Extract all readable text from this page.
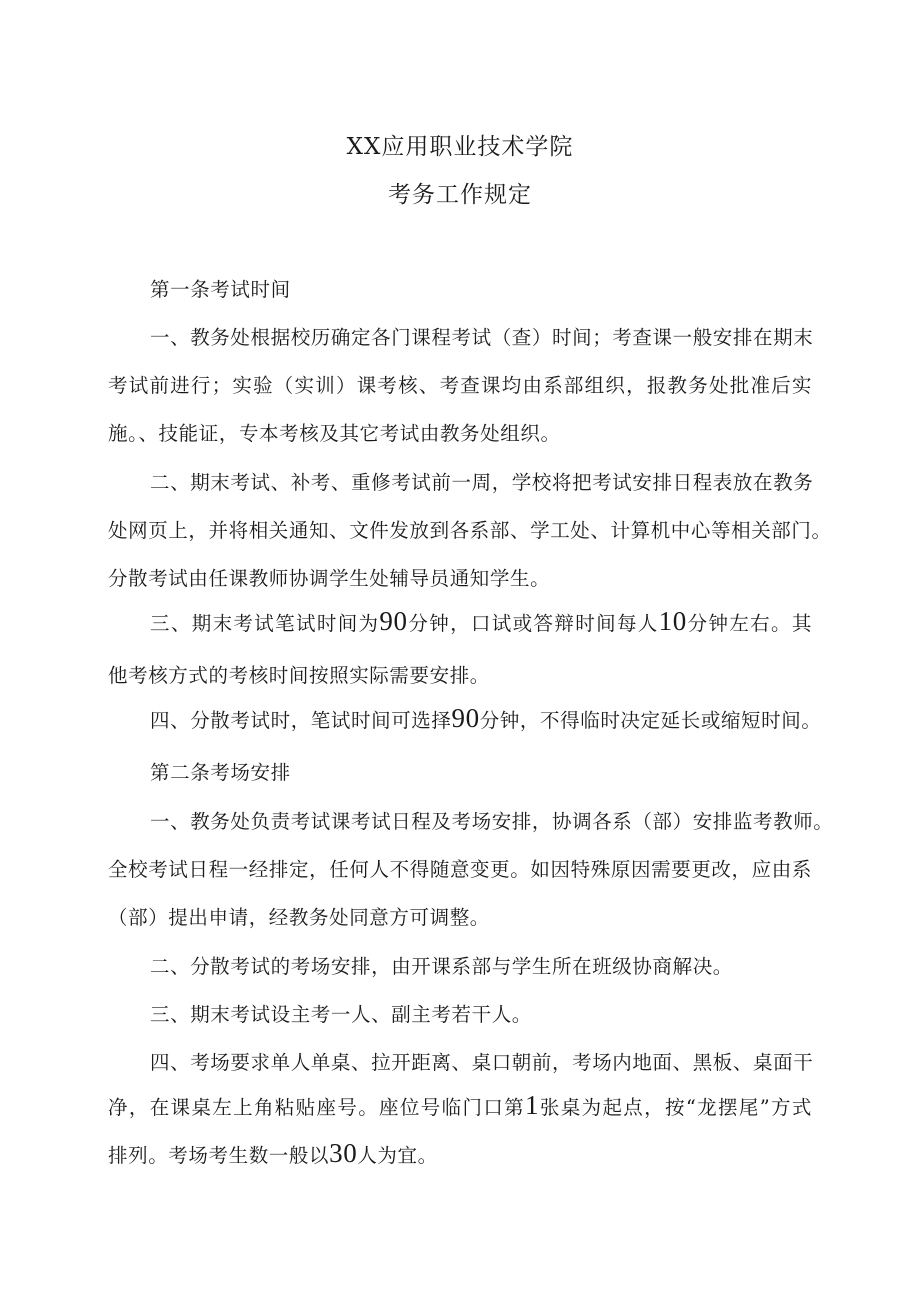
XX应用职业技术学院
考务工作规定
第一条考试时间
一、教务处根据校历确定各门课程考试（查）时间；考查课一般安排在期末
考试前进行；实验（实训）课考核、考查课均由系部组织，报教务处批准后实
施。、技能证，专本考核及其它考试由教务处组织。
二、期末考试、补考、重修考试前一周，学校将把考试安排日程表放在教务
处网页上，并将相关通知、文件发放到各系部、学工处、计算机中心等相关部门。
分散考试由任课教师协调学生处辅导员通知学生。
三、期末考试笔试时间为90分钟，口试或答辩时间每人10分钟左右。其
他考核方式的考核时间按照实际需要安排。
四、分散考试时，笔试时间可选择90分钟，不得临时决定延长或缩短时间。
第二条考场安排
一、教务处负责考试课考试日程及考场安排，协调各系（部）安排监考教师。
全校考试日程一经排定，任何人不得随意变更。如因特殊原因需要更改，应由系
（部）提出申请，经教务处同意方可调整。
二、分散考试的考场安排，由开课系部与学生所在班级协商解决。
三、期末考试设主考一人、副主考若干人。
四、考场要求单人单桌、拉开距离、桌口朝前，考场内地面、黑板、桌面干
净，在课桌左上角粘贴座号。座位号临门口第1张桌为起点，按“龙摆尾”方式
排列。考场考生数一般以30人为宜。
